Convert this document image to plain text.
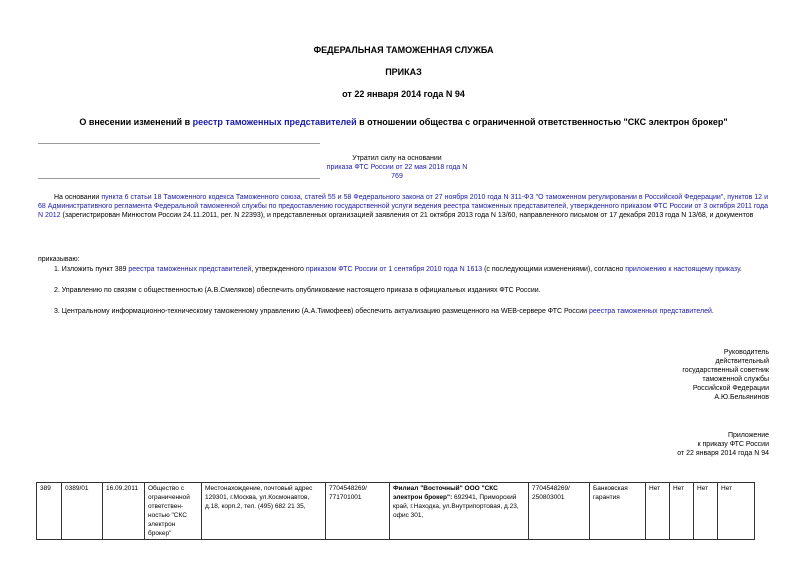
ФЕДЕРАЛЬНАЯ ТАМОЖЕННАЯ СЛУЖБА
ПРИКАЗ
от 22 января 2014 года N 94
О внесении изменений в реестр таможенных представителей в отношении общества с ограниченной ответственностью "СКС электрон брокер"

Утратил силу на основании

приказа ФТС России от 22 мая 2018 года N 769

На основании пункта 6 статьи 18 Таможенного кодекса Таможенного союза, статей 55 и 58 Федерального закона от 27 ноября 2010 года N 311-ФЗ "О таможенном регулировании в Российской Федерации", пунктов 12 и 68 Административного регламента Федеральной таможенной службы по предоставлению государственной услуги ведения реестра таможенных представителей, утвержденного приказом ФТС России от 3 октября 2011 года N 2012 (зарегистрирован Минюстом России 24.11.2011, рег. N 22393), и представленных организацией заявления от 21 октября 2013 года N 13/60, направленного письмом от 17 декабря 2013 года N 13/68, и документов
приказываю:
1. Изложить пункт 389 реестра таможенных представителей, утвержденного приказом ФТС России от 1 сентября 2010 года N 1613 (с последующими изменениями), согласно приложению к настоящему приказу.
2. Управлению по связям с общественностью (А.В.Смеляков) обеспечить опубликование настоящего приказа в официальных изданиях ФТС России.
3. Центральному информационно-техническому таможенному управлению (А.А.Тимофеев) обеспечить актуализацию размещенного на WEB-сервере ФТС России реестра таможенных представителей.

Руководитель

действительный

государственный советник

таможенной службы

Российской Федерации

А.Ю.Бельянинов

Приложение

к приказу ФТС России

от 22 января 2014 года N 94

389	0389/01	16.09.2011	Общество с ограниченной ответствен-ностью "СКС электрон брокер"	Местонахождение, почтовый адрес 129301, г.Москва, ул.Космонавтов, д.18, корп.2, тел. (495) 682 21 35,	7704548269/ 771701001	Филиал "Восточный" ООО "СКС электрон брокер": 692941, Приморский край, г.Находка, ул.Внутрипортовая, д.23, офис 301,	7704548269/ 250803001	Банковская гарантия	Нет	Нет	Нет	Нет
